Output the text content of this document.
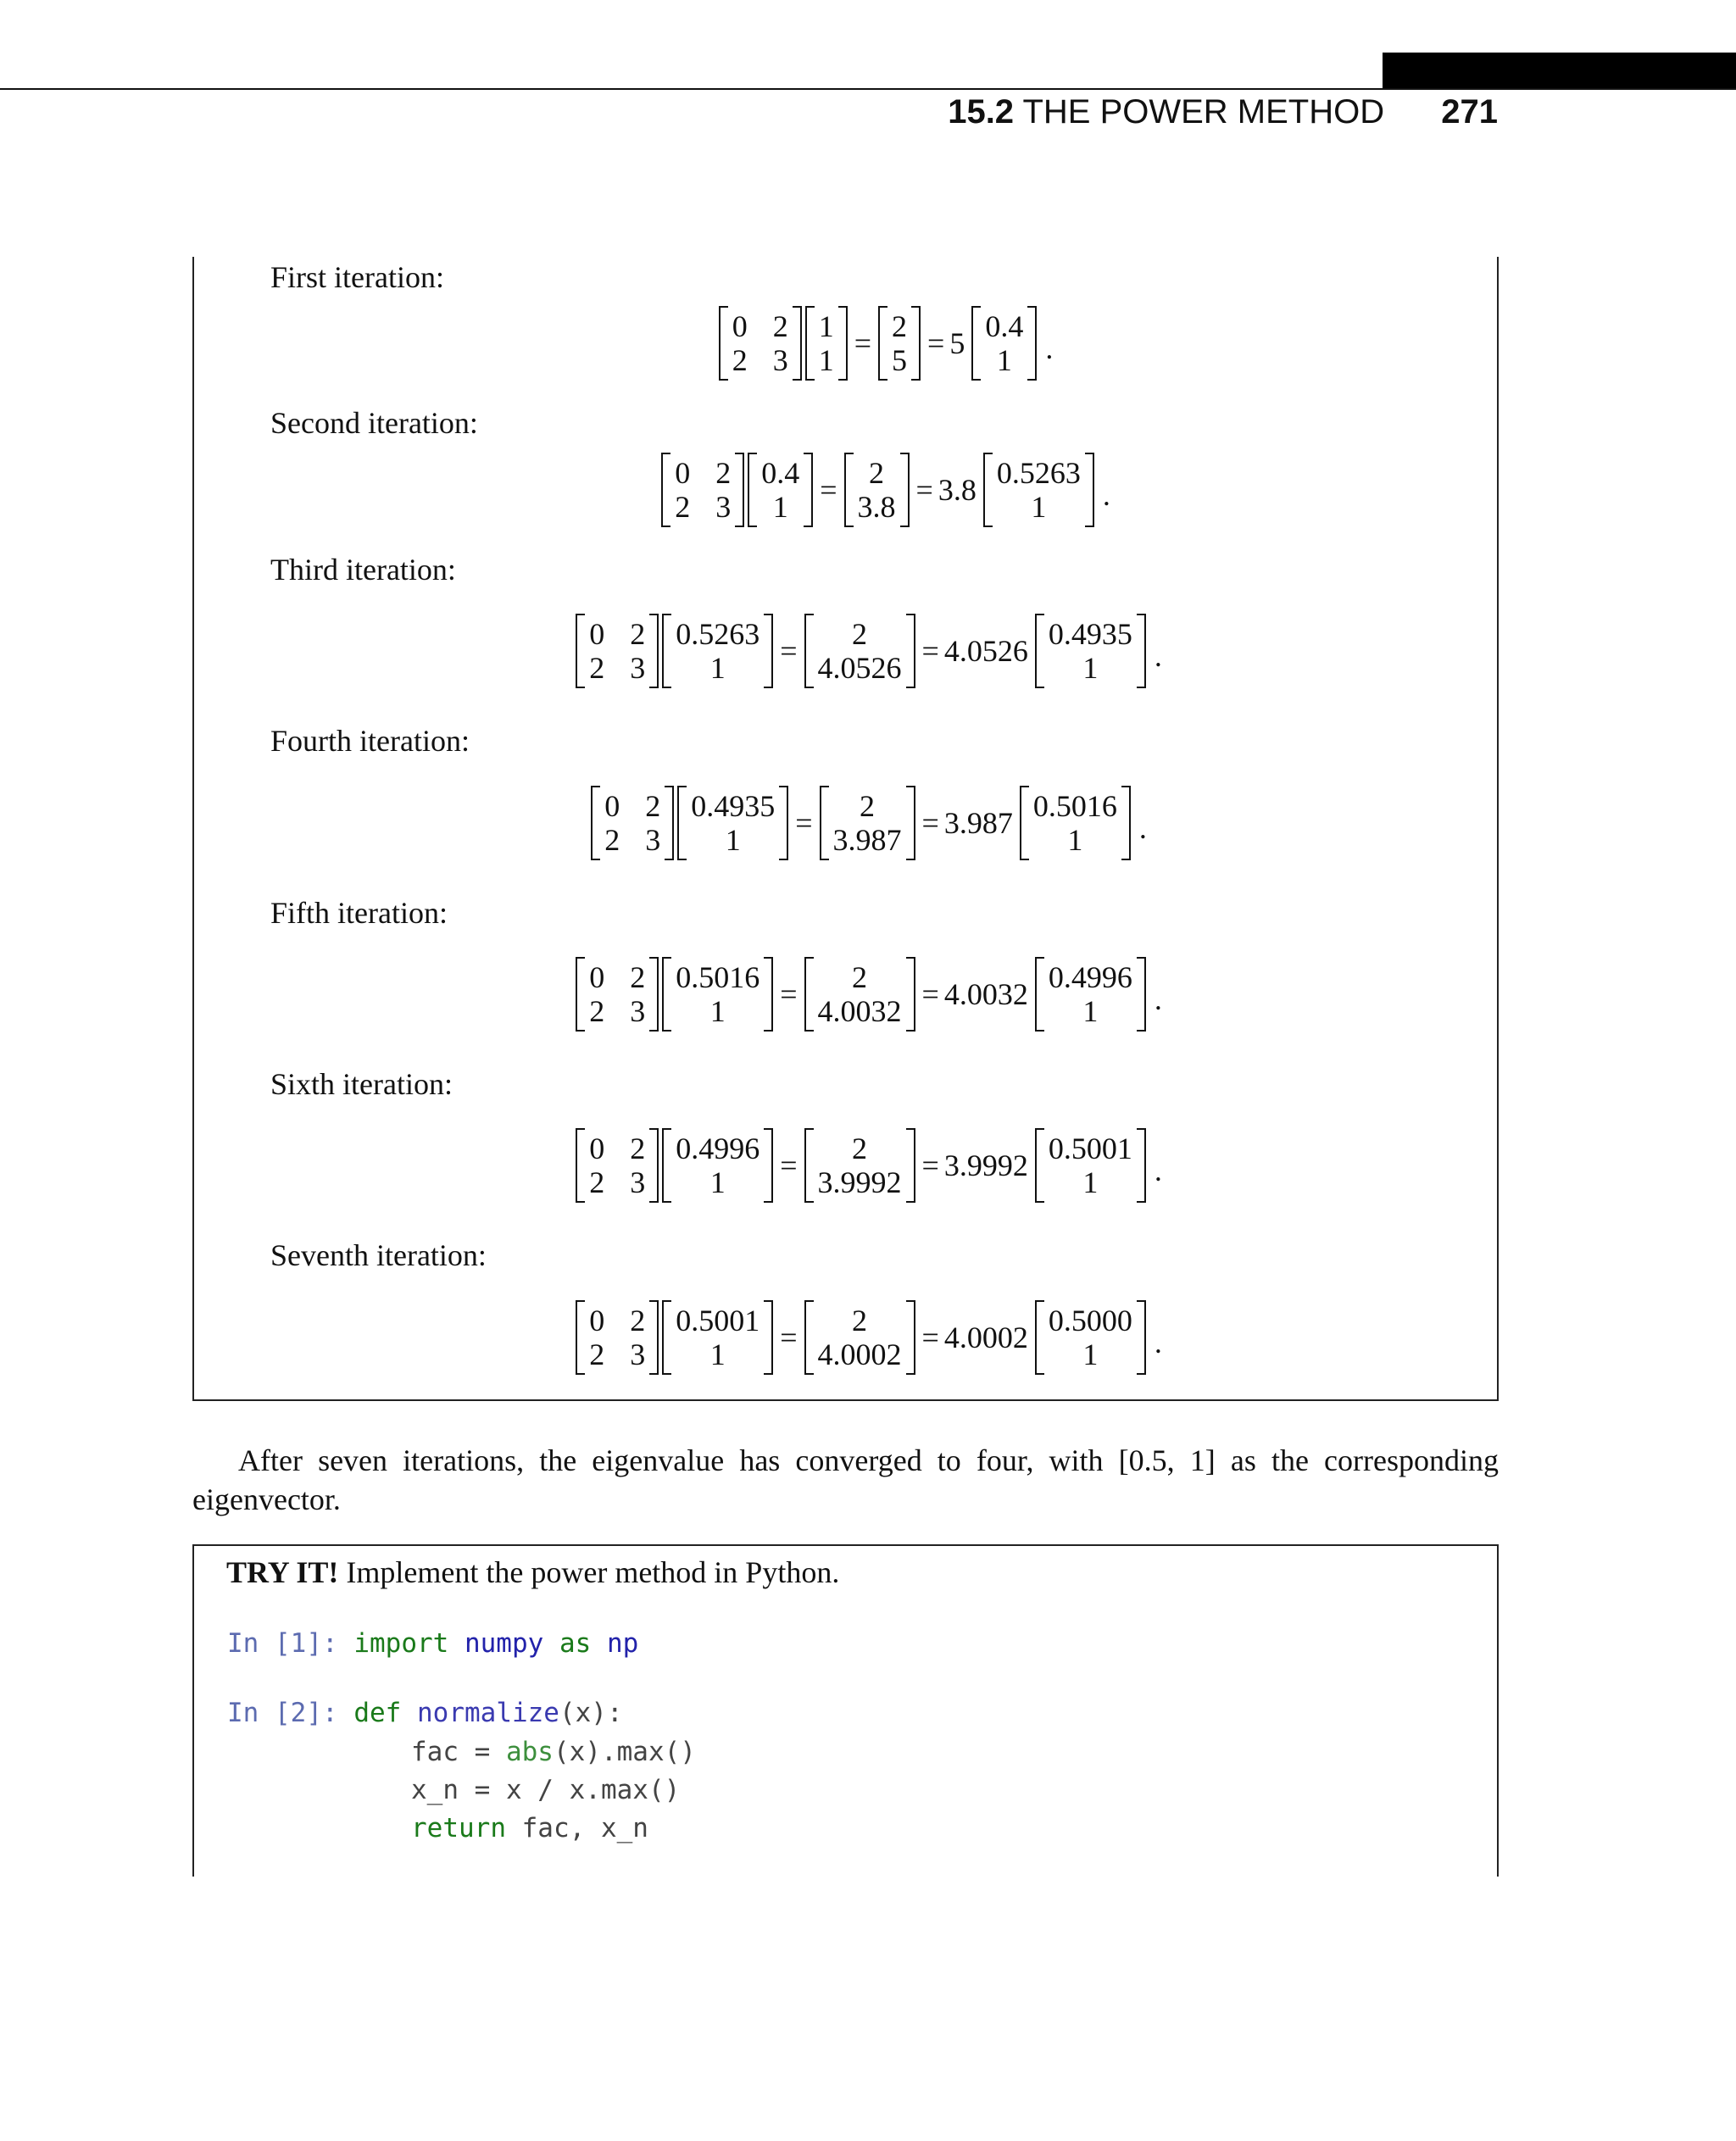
15.2 THE POWER METHOD 271
First iteration:
0 2
2 3
1
1 = 2
5 = 5 0.4
1	.
Second iteration:
0 2
2 3
0.4
1	=	2
3.8 = 3.8 0.5263
1	.
Third iteration:
0 2
2 3
0.5263
1	=	2
4.0526 = 4.0526 0.4935
1	.
Fourth iteration:
0 2
2 3
0.4935
1	=	2
3.987 = 3.987 0.5016
1	.
Fifth iteration:
0 2
2 3
0.5016
1	=	2
4.0032 = 4.0032 0.4996
1	.
Sixth iteration:
0 2
2 3
0.4996
1	=	2
3.9992 = 3.9992 0.5001
1	.
Seventh iteration:
0 2
2 3
0.5001
1	=	2
4.0002 = 4.0002 0.5000
1	.
After seven iterations, the eigenvalue has converged to four, with [0.5, 1] as the corresponding eigenvector.
TRY IT! Implement the power method in Python.
In [1]: import numpy as np
In [2]: def normalize(x):
fac = abs(x).max()
x_n = x / x.max()
return fac, x_n
